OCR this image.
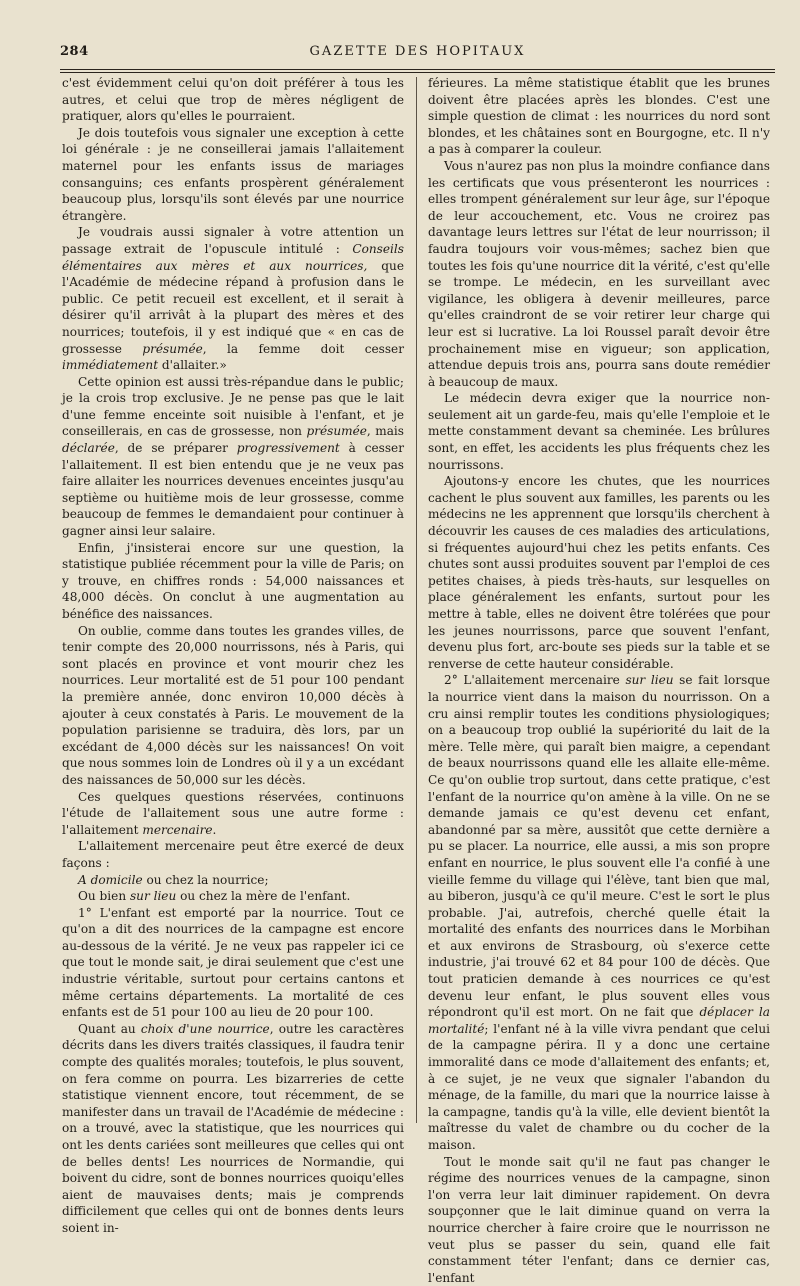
284	GAZETTE DES HOPITAUX

c'est évidemment celui qu'on doit préférer à tous les autres, et celui que trop de mères négligent de pratiquer, alors qu'elles le pourraient.

Je dois toutefois vous signaler une exception à cette loi générale : je ne conseillerai jamais l'allaitement maternel pour les enfants issus de mariages consanguins; ces enfants prospèrent généralement beaucoup plus, lorsqu'ils sont élevés par une nourrice étrangère.

Je voudrais aussi signaler à votre attention un passage extrait de l'opuscule intitulé : Conseils élémentaires aux mères et aux nourrices, que l'Académie de médecine répand à profusion dans le public. Ce petit recueil est excellent, et il serait à désirer qu'il arrivât à la plupart des mères et des nourrices; toutefois, il y est indiqué que « en cas de grossesse présumée, la femme doit cesser immédiatement d'allaiter.»

Cette opinion est aussi très-répandue dans le public; je la crois trop exclusive. Je ne pense pas que le lait d'une femme enceinte soit nuisible à l'enfant, et je conseillerais, en cas de grossesse, non présumée, mais déclarée, de se préparer progressivement à cesser l'allaitement. Il est bien entendu que je ne veux pas faire allaiter les nourrices devenues enceintes jusqu'au septième ou huitième mois de leur grossesse, comme beaucoup de femmes le demandaient pour continuer à gagner ainsi leur salaire.

Enfin, j'insisterai encore sur une question, la statistique publiée récemment pour la ville de Paris; on y trouve, en chiffres ronds : 54,000 naissances et 48,000 décès. On conclut à une augmentation au bénéfice des naissances.

On oublie, comme dans toutes les grandes villes, de tenir compte des 20,000 nourrissons, nés à Paris, qui sont placés en province et vont mourir chez les nourrices. Leur mortalité est de 51 pour 100 pendant la première année, donc environ 10,000 décès à ajouter à ceux constatés à Paris. Le mouvement de la population parisienne se traduira, dès lors, par un excédant de 4,000 décès sur les naissances! On voit que nous sommes loin de Londres où il y a un excédant des naissances de 50,000 sur les décès.

Ces quelques questions réservées, continuons l'étude de l'allaitement sous une autre forme : l'allaitement mercenaire.

L'allaitement mercenaire peut être exercé de deux façons :

A domicile ou chez la nourrice;

Ou bien sur lieu ou chez la mère de l'enfant.

1° L'enfant est emporté par la nourrice. Tout ce qu'on a dit des nourrices de la campagne est encore au-dessous de la vérité. Je ne veux pas rappeler ici ce que tout le monde sait, je dirai seulement que c'est une industrie véritable, surtout pour certains cantons et même certains départements. La mortalité de ces enfants est de 51 pour 100 au lieu de 20 pour 100.

Quant au choix d'une nourrice, outre les caractères décrits dans les divers traités classiques, il faudra tenir compte des qualités morales; toutefois, le plus souvent, on fera comme on pourra. Les bizarreries de cette statistique viennent encore, tout récemment, de se manifester dans un travail de l'Académie de médecine : on a trouvé, avec la statistique, que les nourrices qui ont les dents cariées sont meilleures que celles qui ont de belles dents! Les nourrices de Normandie, qui boivent du cidre, sont de bonnes nourrices quoiqu'elles aient de mauvaises dents; mais je comprends difficilement que celles qui ont de bonnes dents leurs soient in-

férieures. La même statistique établit que les brunes doivent être placées après les blondes. C'est une simple question de climat : les nourrices du nord sont blondes, et les châtaines sont en Bourgogne, etc. Il n'y a pas à comparer la couleur.

Vous n'aurez pas non plus la moindre confiance dans les certificats que vous présenteront les nourrices : elles trompent généralement sur leur âge, sur l'époque de leur accouchement, etc. Vous ne croirez pas davantage leurs lettres sur l'état de leur nourrisson; il faudra toujours voir vous-mêmes; sachez bien que toutes les fois qu'une nourrice dit la vérité, c'est qu'elle se trompe. Le médecin, en les surveillant avec vigilance, les obligera à devenir meilleures, parce qu'elles craindront de se voir retirer leur charge qui leur est si lucrative. La loi Roussel paraît devoir être prochainement mise en vigueur; son application, attendue depuis trois ans, pourra sans doute remédier à beaucoup de maux.

Le médecin devra exiger que la nourrice non-seulement ait un garde-feu, mais qu'elle l'emploie et le mette constamment devant sa cheminée. Les brûlures sont, en effet, les accidents les plus fréquents chez les nourrissons.

Ajoutons-y encore les chutes, que les nourrices cachent le plus souvent aux familles, les parents ou les médecins ne les apprennent que lorsqu'ils cherchent à découvrir les causes de ces maladies des articulations, si fréquentes aujourd'hui chez les petits enfants. Ces chutes sont aussi produites souvent par l'emploi de ces petites chaises, à pieds très-hauts, sur lesquelles on place généralement les enfants, surtout pour les mettre à table, elles ne doivent être tolérées que pour les jeunes nourrissons, parce que souvent l'enfant, devenu plus fort, arc-boute ses pieds sur la table et se renverse de cette hauteur considérable.

2° L'allaitement mercenaire sur lieu se fait lorsque la nourrice vient dans la maison du nourrisson. On a cru ainsi remplir toutes les conditions physiologiques; on a beaucoup trop oublié la supériorité du lait de la mère. Telle mère, qui paraît bien maigre, a cependant de beaux nourrissons quand elle les allaite elle-même. Ce qu'on oublie trop surtout, dans cette pratique, c'est l'enfant de la nourrice qu'on amène à la ville. On ne se demande jamais ce qu'est devenu cet enfant, abandonné par sa mère, aussitôt que cette dernière a pu se placer. La nourrice, elle aussi, a mis son propre enfant en nourrice, le plus souvent elle l'a confié à une vieille femme du village qui l'élève, tant bien que mal, au biberon, jusqu'à ce qu'il meure. C'est le sort le plus probable. J'ai, autrefois, cherché quelle était la mortalité des enfants des nourrices dans le Morbihan et aux environs de Strasbourg, où s'exerce cette industrie, j'ai trouvé 62 et 84 pour 100 de décès. Que tout praticien demande à ces nourrices ce qu'est devenu leur enfant, le plus souvent elles vous répondront qu'il est mort. On ne fait que déplacer la mortalité; l'enfant né à la ville vivra pendant que celui de la campagne périra. Il y a donc une certaine immoralité dans ce mode d'allaitement des enfants; et, à ce sujet, je ne veux que signaler l'abandon du ménage, de la famille, du mari que la nourrice laisse à la campagne, tandis qu'à la ville, elle devient bientôt la maîtresse du valet de chambre ou du cocher de la maison.

Tout le monde sait qu'il ne faut pas changer le régime des nourrices venues de la campagne, sinon l'on verra leur lait diminuer rapidement. On devra soupçonner que le lait diminue quand on verra la nourrice chercher à faire croire que le nourrisson ne veut plus se passer du sein, quand elle fait constamment téter l'enfant; dans ce dernier cas, l'enfant
